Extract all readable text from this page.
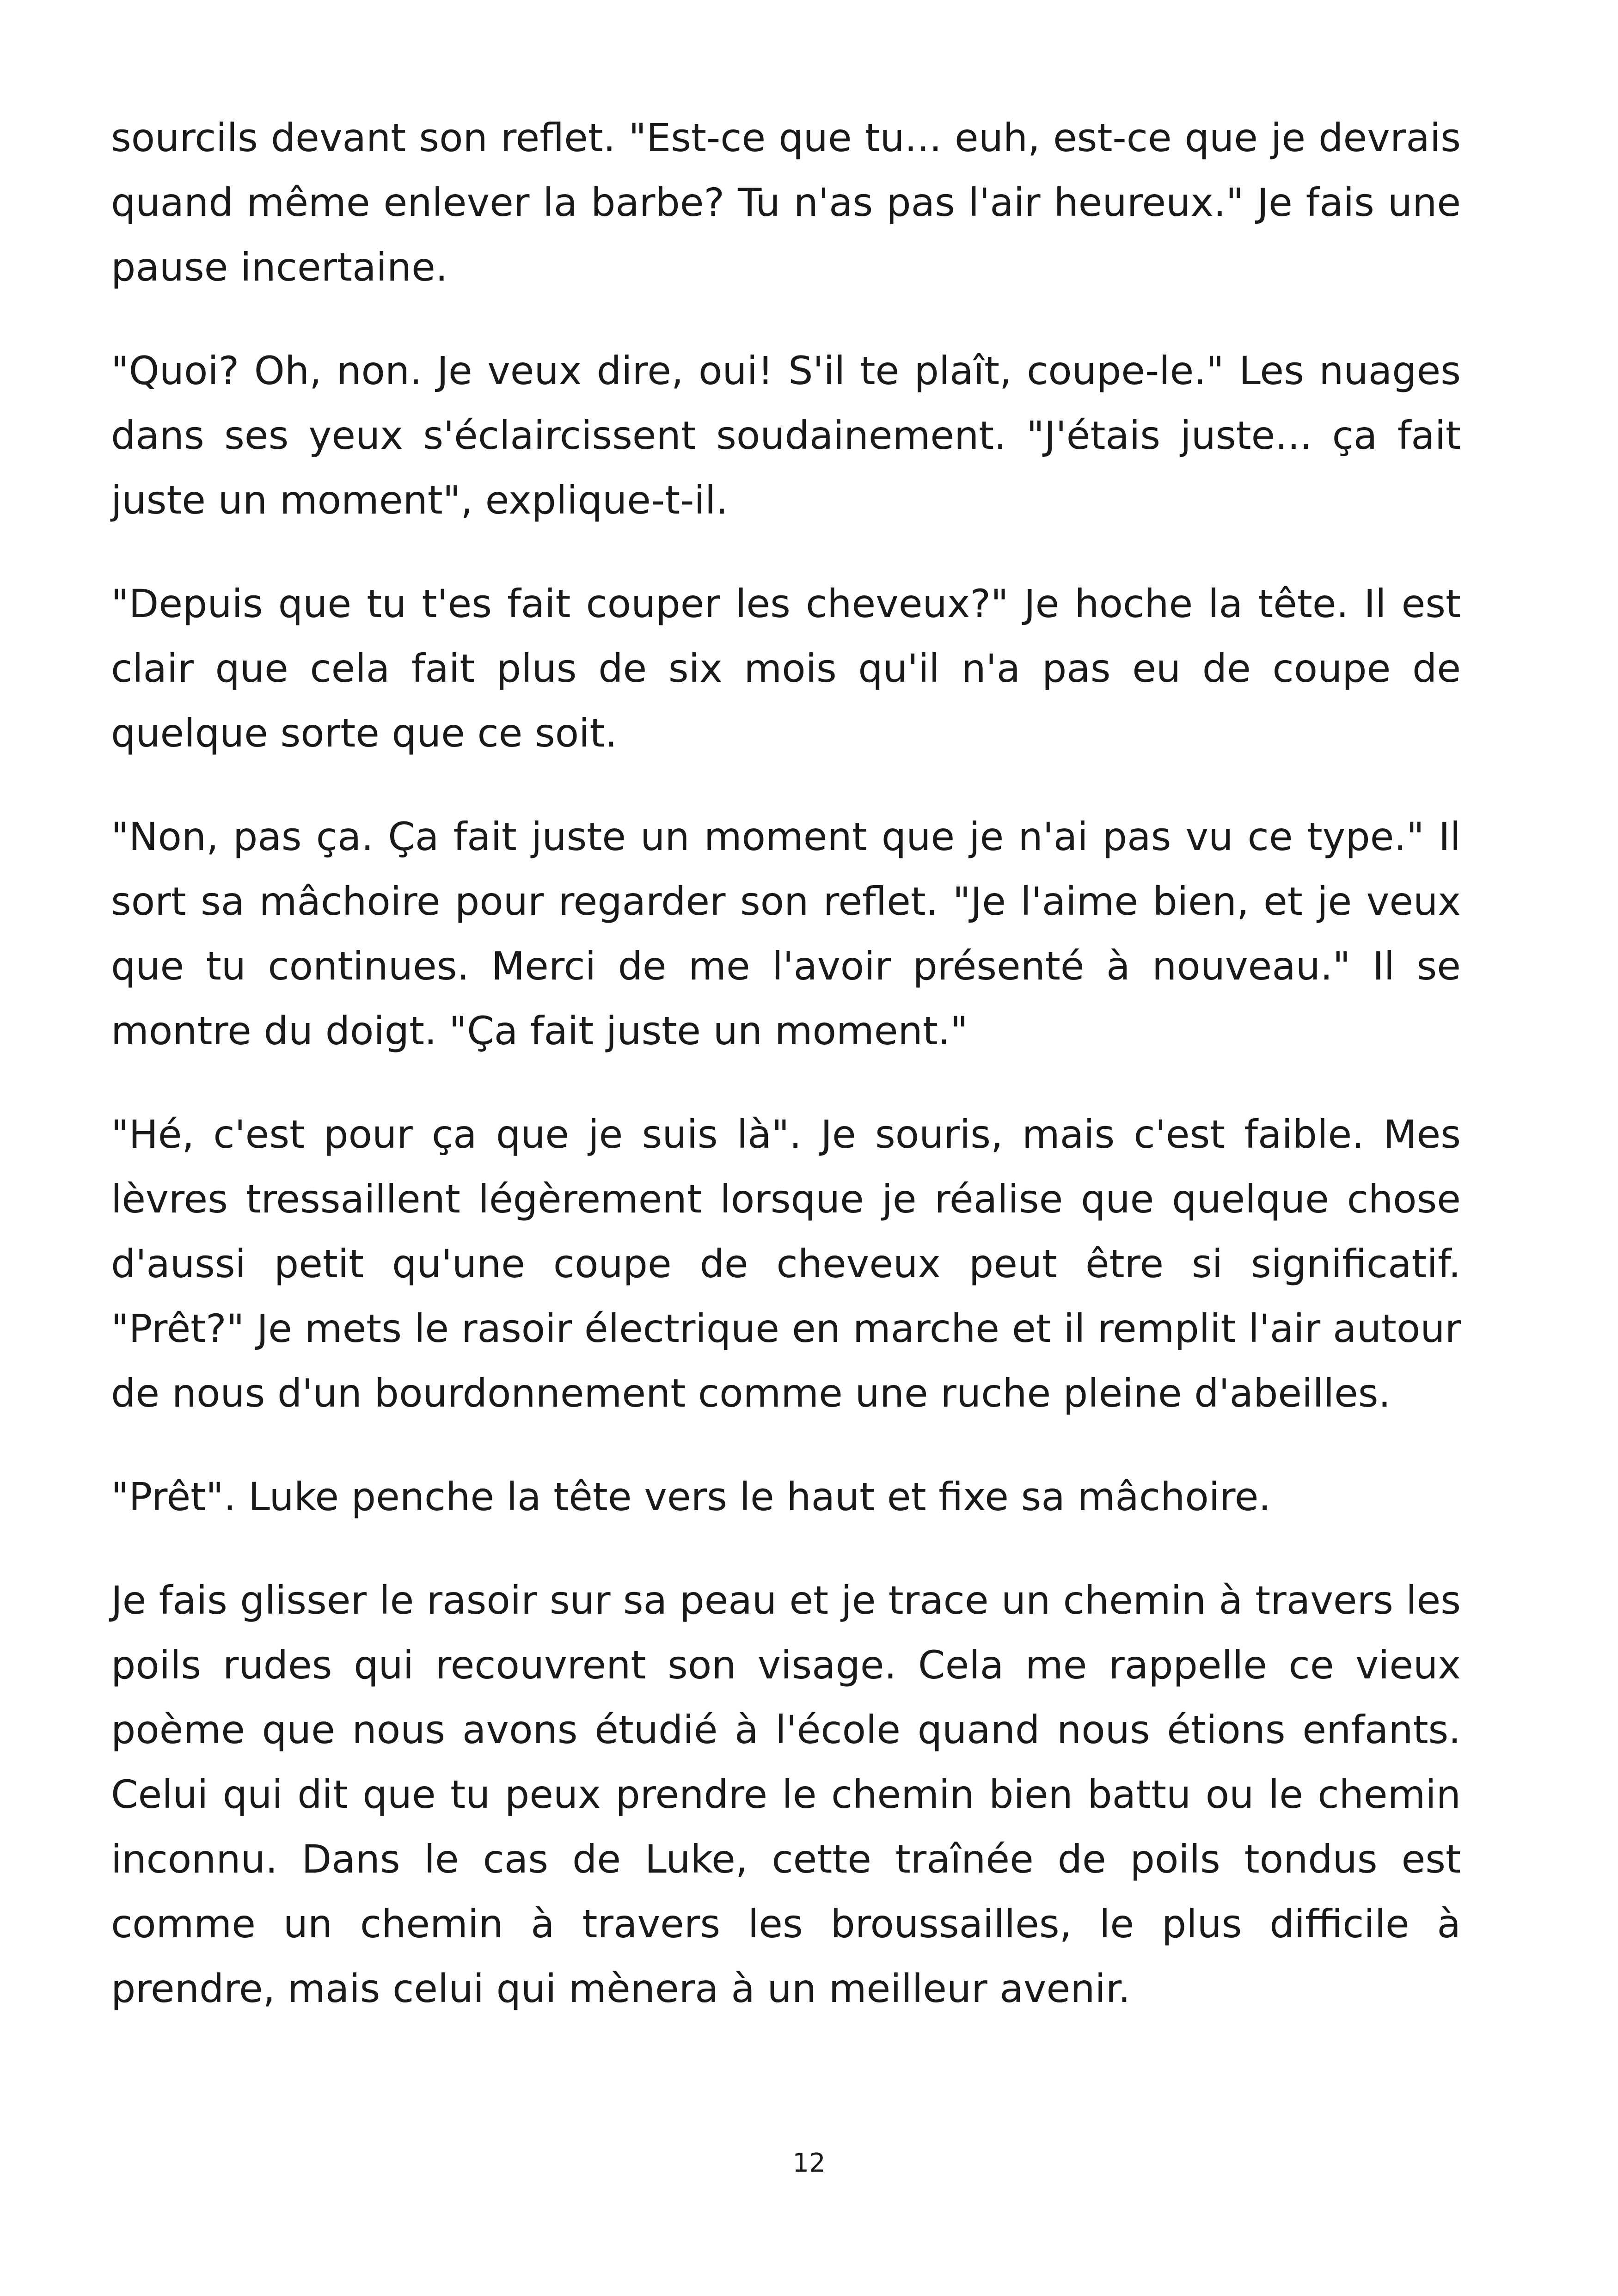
sourcils devant son reflet. "Est-ce que tu... euh, est-ce que je devrais quand même enlever la barbe? Tu n'as pas l'air heureux." Je fais une pause incertaine.

"Quoi? Oh, non. Je veux dire, oui! S'il te plaît, coupe-le." Les nuages dans ses yeux s'éclaircissent soudainement. "J'étais juste... ça fait juste un moment", explique-t-il.

"Depuis que tu t'es fait couper les cheveux?" Je hoche la tête. Il est clair que cela fait plus de six mois qu'il n'a pas eu de coupe de quelque sorte que ce soit.

"Non, pas ça. Ça fait juste un moment que je n'ai pas vu ce type." Il sort sa mâchoire pour regarder son reflet. "Je l'aime bien, et je veux que tu continues. Merci de me l'avoir présenté à nouveau." Il se montre du doigt. "Ça fait juste un moment."

"Hé, c'est pour ça que je suis là". Je souris, mais c'est faible. Mes lèvres tressaillent légèrement lorsque je réalise que quelque chose d'aussi petit qu'une coupe de cheveux peut être si significatif. "Prêt?" Je mets le rasoir électrique en marche et il remplit l'air autour de nous d'un bourdonnement comme une ruche pleine d'abeilles.

"Prêt". Luke penche la tête vers le haut et fixe sa mâchoire.

Je fais glisser le rasoir sur sa peau et je trace un chemin à travers les poils rudes qui recouvrent son visage. Cela me rappelle ce vieux poème que nous avons étudié à l'école quand nous étions enfants. Celui qui dit que tu peux prendre le chemin bien battu ou le chemin inconnu. Dans le cas de Luke, cette traînée de poils tondus est comme un chemin à travers les broussailles, le plus difficile à prendre, mais celui qui mènera à un meilleur avenir.

12
